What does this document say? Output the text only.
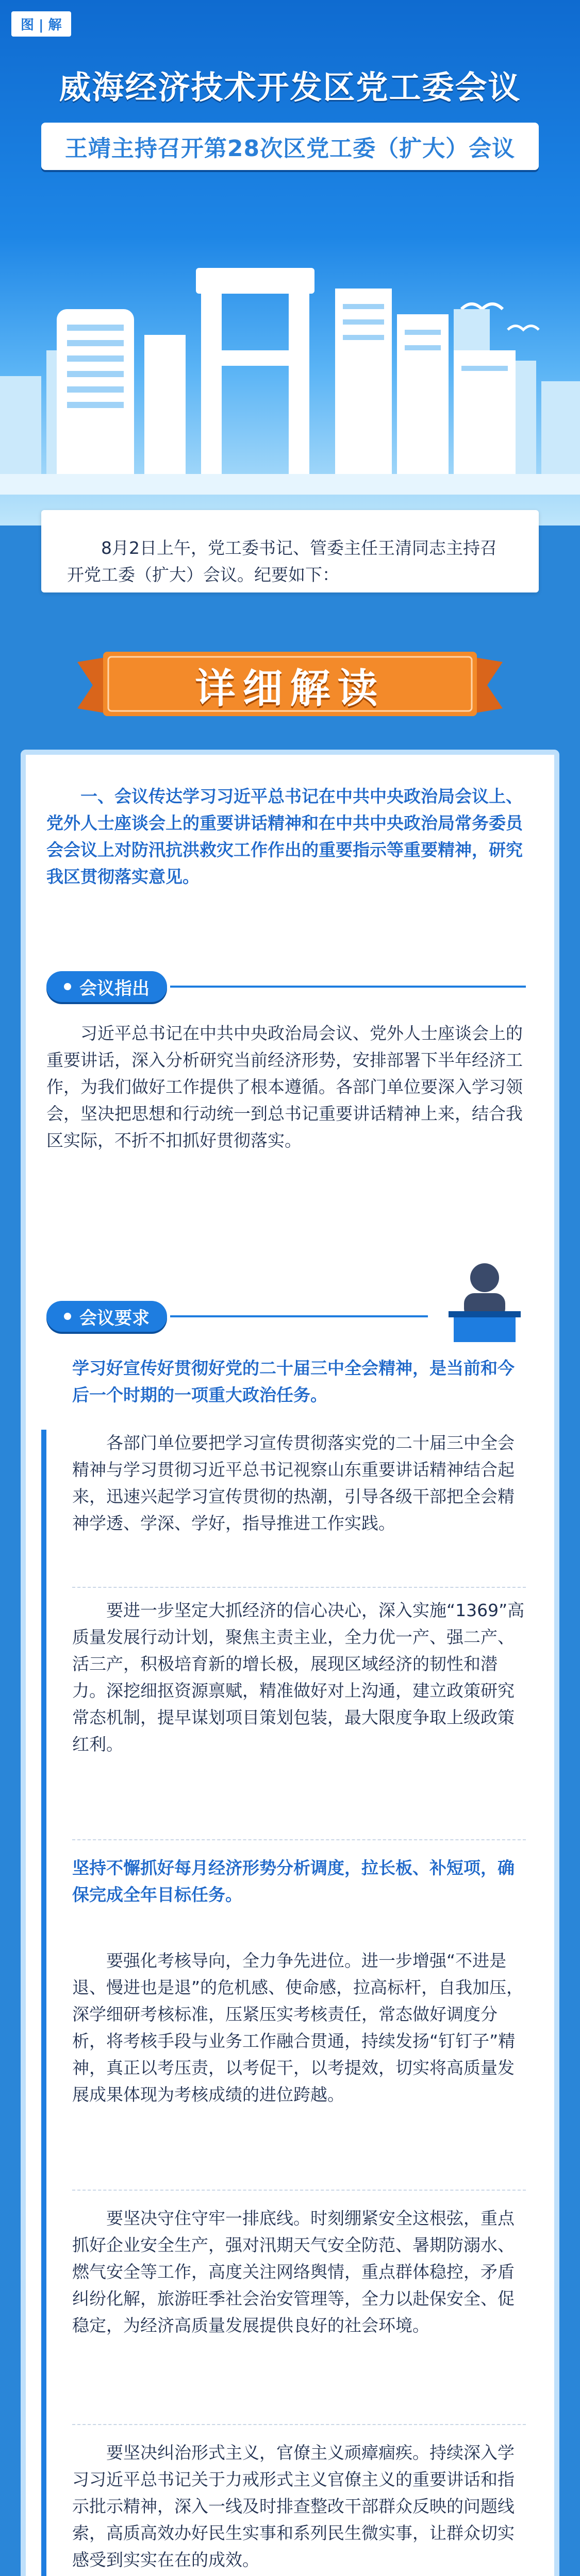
图 | 解
威海经济技术开发区党工委会议
王靖主持召开第28次区党工委（扩大）会议

8月2日上午，党工委书记、管委主任王清同志主持召开党工委（扩大）会议。纪要如下：

详细解读

一、会议传达学习习近平总书记在中共中央政治局会议上、党外人士座谈会上的重要讲话精神和在中共中央政治局常务委员会会议上对防汛抗洪救灾工作作出的重要指示等重要精神，研究我区贯彻落实意见。

会议指出

习近平总书记在中共中央政治局会议、党外人士座谈会上的重要讲话，深入分析研究当前经济形势，安排部署下半年经济工作，为我们做好工作提供了根本遵循。各部门单位要深入学习领会，坚决把思想和行动统一到总书记重要讲话精神上来，结合我区实际，不折不扣抓好贯彻落实。

会议要求

学习好宣传好贯彻好党的二十届三中全会精神，是当前和今后一个时期的一项重大政治任务。

各部门单位要把学习宣传贯彻落实党的二十届三中全会精神与学习贯彻习近平总书记视察山东重要讲话精神结合起来，迅速兴起学习宣传贯彻的热潮，引导各级干部把全会精神学透、学深、学好，指导推进工作实践。

要进一步坚定大抓经济的信心决心，深入实施“1369”高质量发展行动计划，聚焦主责主业，全力优一产、强二产、活三产，积极培育新的增长极，展现区域经济的韧性和潜力。深挖细抠资源禀赋，精准做好对上沟通，建立政策研究常态机制，提早谋划项目策划包装，最大限度争取上级政策红利。

坚持不懈抓好每月经济形势分析调度，拉长板、补短项，确保完成全年目标任务。

要强化考核导向，全力争先进位。进一步增强“不进是退、慢进也是退”的危机感、使命感，拉高标杆，自我加压，深学细研考核标准，压紧压实考核责任，常态做好调度分析，将考核手段与业务工作融合贯通，持续发扬“钉钉子”精神，真正以考压责，以考促干，以考提效，切实将高质量发展成果体现为考核成绩的进位跨越。

要坚决守住守牢一排底线。时刻绷紧安全这根弦，重点抓好企业安全生产，强对汛期天气安全防范、暑期防溺水、燃气安全等工作，高度关注网络舆情，重点群体稳控，矛盾纠纷化解，旅游旺季社会治安管理等，全力以赴保安全、促稳定，为经济高质量发展提供良好的社会环境。

要坚决纠治形式主义，官僚主义顽瘴痼疾。持续深入学习习近平总书记关于力戒形式主义官僚主义的重要讲话和指示批示精神，深入一线及时排查整改干部群众反映的问题线索，高质高效办好民生实事和系列民生微实事，让群众切实感受到实实在在的成效。
